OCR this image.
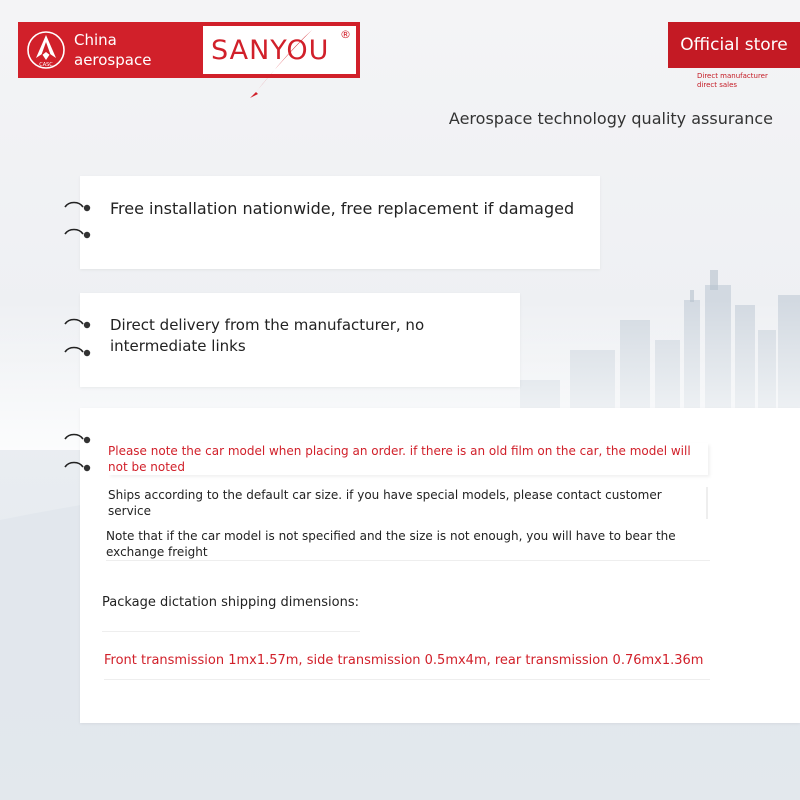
CASC
China
aerospace SANYOU ®
Official store
Direct manufacturer
direct sales
Aerospace technology quality assurance
Free installation nationwide, free replacement if damaged
Direct delivery from the manufacturer, no intermediate links
Please note the car model when placing an order. if there is an old film on the car, the model will not be noted
Ships according to the default car size. if you have special models, please contact customer service
Note that if the car model is not specified and the size is not enough, you will have to bear the exchange freight
Package dictation shipping dimensions:
Front transmission 1mx1.57m, side transmission 0.5mx4m, rear transmission 0.76mx1.36m
